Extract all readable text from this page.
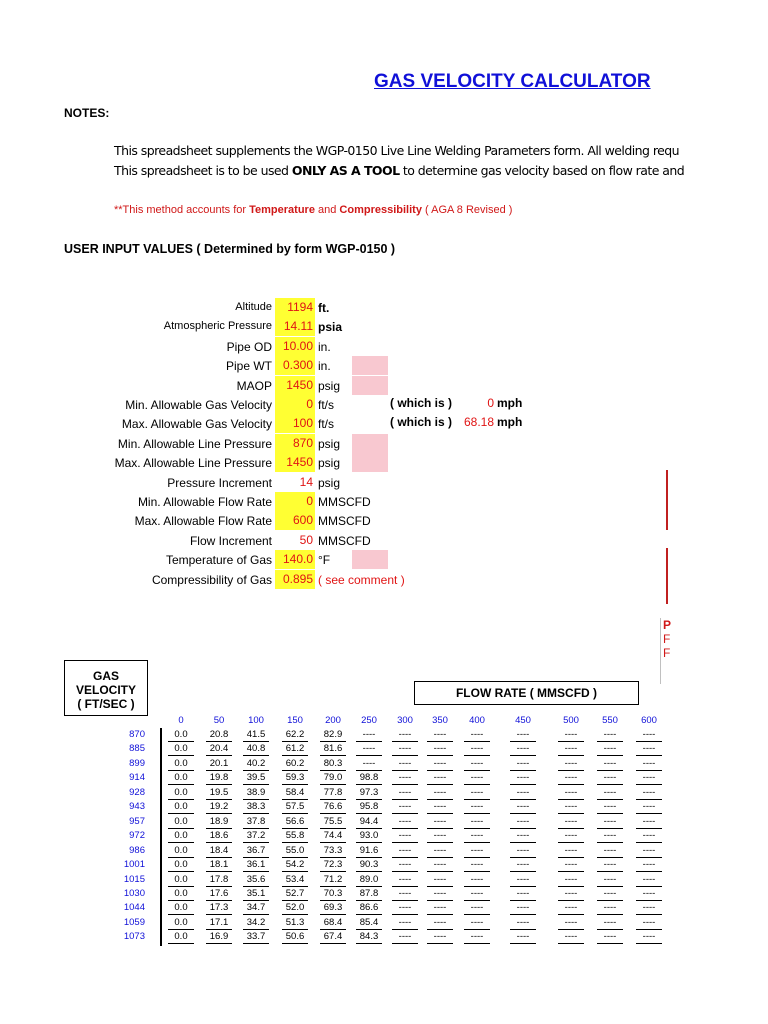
GAS VELOCITY CALCULATOR
NOTES:
This spreadsheet supplements the WGP-0150 Live Line Welding Parameters form. All welding requ
This spreadsheet is to be used ONLY AS A TOOL to determine gas velocity based on flow rate and
**This method accounts for Temperature and Compressibility ( AGA 8 Revised )
USER INPUT VALUES ( Determined by form WGP-0150 )
Altitude	1194 ft.
Atmospheric Pressure 14.11 psia
Pipe OD 10.00 in.
Pipe WT 0.300 in.
MAOP	1450 psig
Min. Allowable Gas Velocity	0 ft/s	( which is )	0 mph
Max. Allowable Gas Velocity	100 ft/s	( which is ) 68.18 mph
Min. Allowable Line Pressure	870 psig
Max. Allowable Line Pressure	1450 psig
Pressure Increment	14 psig
Min. Allowable Flow Rate	0 MMSCFD
Max. Allowable Flow Rate	600 MMSCFD
Flow Increment	50 MMSCFD
Temperature of Gas 140.0 °F
Compressibility of Gas 0.895 ( see comment )
P
F
F
GAS
VELOCITY
( FT/SEC )
FLOW RATE ( MMSCFD )
0	50	100	150	200	250	300	350	400	450	500	550	600
870	0.0	20.8	41.5	62.2	82.9	----	----	----	----	----	----	----	----
885	0.0	20.4	40.8	61.2	81.6	----	----	----	----	----	----	----	----
899	0.0	20.1	40.2	60.2	80.3	----	----	----	----	----	----	----	----
914	0.0	19.8	39.5	59.3	79.0	98.8	----	----	----	----	----	----	----
928	0.0	19.5	38.9	58.4	77.8	97.3	----	----	----	----	----	----	----
943	0.0	19.2	38.3	57.5	76.6	95.8	----	----	----	----	----	----	----
957	0.0	18.9	37.8	56.6	75.5	94.4	----	----	----	----	----	----	----
972	0.0	18.6	37.2	55.8	74.4	93.0	----	----	----	----	----	----	----
986	0.0	18.4	36.7	55.0	73.3	91.6	----	----	----	----	----	----	----
1001	0.0	18.1	36.1	54.2	72.3	90.3	----	----	----	----	----	----	----
1015	0.0	17.8	35.6	53.4	71.2	89.0	----	----	----	----	----	----	----
1030	0.0	17.6	35.1	52.7	70.3	87.8	----	----	----	----	----	----	----
1044	0.0	17.3	34.7	52.0	69.3	86.6	----	----	----	----	----	----	----
1059	0.0	17.1	34.2	51.3	68.4	85.4	----	----	----	----	----	----	----
1073	0.0	16.9	33.7	50.6	67.4	84.3	----	----	----	----	----	----	----
